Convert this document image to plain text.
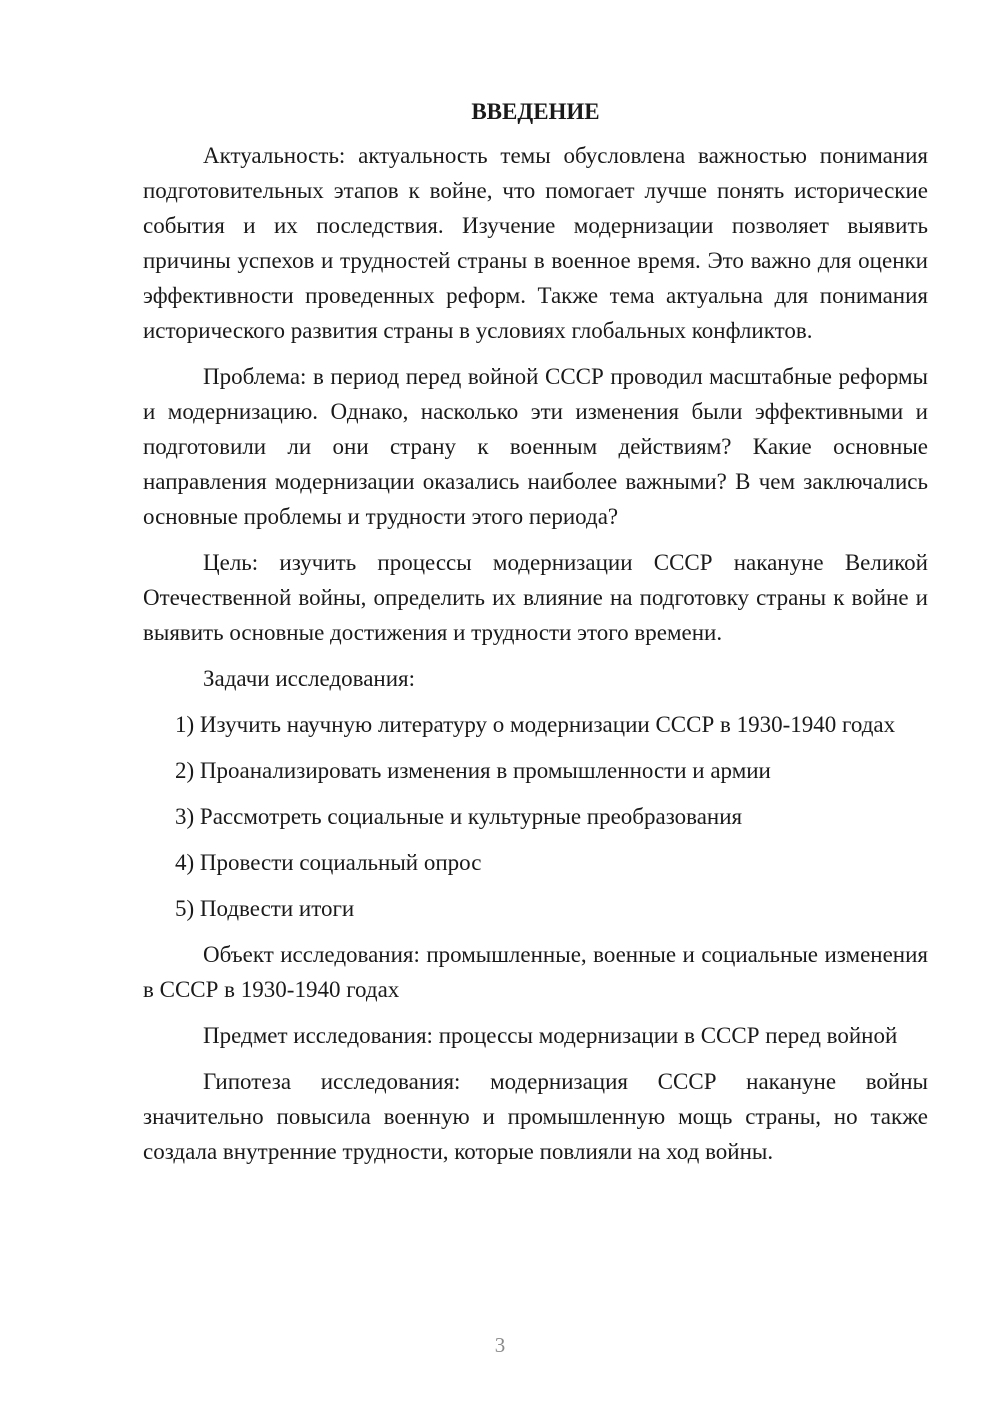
ВВЕДЕНИЕ

Актуальность: актуальность темы обусловлена важностью понимания подготовительных этапов к войне, что помогает лучше понять исторические события и их последствия. Изучение модернизации позволяет выявить причины успехов и трудностей страны в военное время. Это важно для оценки эффективности проведенных реформ. Также тема актуальна для понимания исторического развития страны в условиях глобальных конфликтов.

Проблема: в период перед войной СССР проводил масштабные реформы и модернизацию. Однако, насколько эти изменения были эффективными и подготовили ли они страну к военным действиям? Какие основные направления модернизации оказались наиболее важными? В чем заключались основные проблемы и трудности этого периода?

Цель: изучить процессы модернизации СССР накануне Великой Отечественной войны, определить их влияние на подготовку страны к войне и выявить основные достижения и трудности этого времени.

Задачи исследования:

1) Изучить научную литературу о модернизации СССР в 1930-1940 годах

2) Проанализировать изменения в промышленности и армии

3) Рассмотреть социальные и культурные преобразования

4) Провести социальный опрос

5) Подвести итоги

Объект исследования: промышленные, военные и социальные изменения в СССР в 1930-1940 годах

Предмет исследования: процессы модернизации в СССР перед войной

Гипотеза исследования: модернизация СССР накануне войны значительно повысила военную и промышленную мощь страны, но также создала внутренние трудности, которые повлияли на ход войны.

3
